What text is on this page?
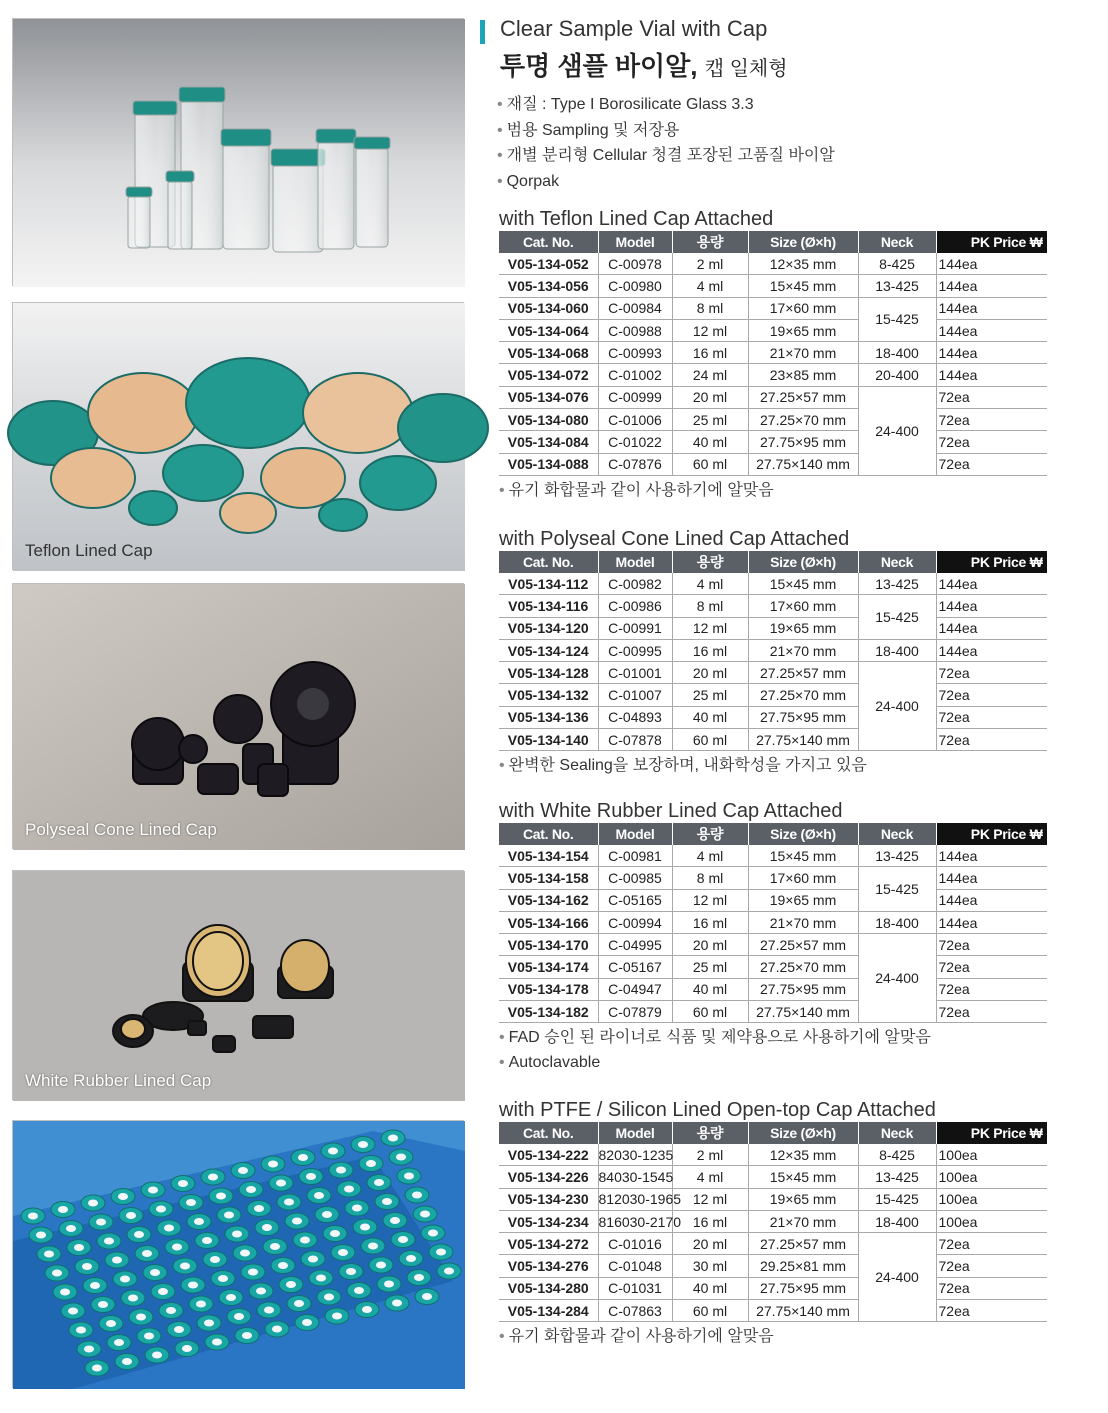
Teflon Lined Cap
Polyseal Cone Lined Cap
White Rubber Lined Cap
Clear Sample Vial with Cap
투명 샘플 바이알, 캡 일체형
• 재질 : Type I Borosilicate Glass 3.3
• 범용 Sampling 및 저장용
• 개별 분리형 Cellular 청결 포장된 고품질 바이알
• Qorpak
with Teflon Lined Cap Attached
Cat. No.	Model	용량	Size (Ø×h)	Neck	PK Price ₩
V05-134-052	C-00978	2 ml	12×35 mm	8-425	144ea
V05-134-056	C-00980	4 ml	15×45 mm	13-425	144ea
V05-134-060	C-00984	8 ml	17×60 mm	15-425	144ea
V05-134-064	C-00988	12 ml	19×65 mm		144ea
V05-134-068	C-00993	16 ml	21×70 mm	18-400	144ea
V05-134-072	C-01002	24 ml	23×85 mm	20-400	144ea
V05-134-076	C-00999	20 ml	27.25×57 mm	24-400	72ea
V05-134-080	C-01006	25 ml	27.25×70 mm		72ea
V05-134-084	C-01022	40 ml	27.75×95 mm		72ea
V05-134-088	C-07876	60 ml	27.75×140 mm		72ea
• 유기 화합물과 같이 사용하기에 알맞음
with Polyseal Cone Lined Cap Attached
Cat. No.	Model	용량	Size (Ø×h)	Neck	PK Price ₩
V05-134-112	C-00982	4 ml	15×45 mm	13-425	144ea
V05-134-116	C-00986	8 ml	17×60 mm	15-425	144ea
V05-134-120	C-00991	12 ml	19×65 mm		144ea
V05-134-124	C-00995	16 ml	21×70 mm	18-400	144ea
V05-134-128	C-01001	20 ml	27.25×57 mm	24-400	72ea
V05-134-132	C-01007	25 ml	27.25×70 mm		72ea
V05-134-136	C-04893	40 ml	27.75×95 mm		72ea
V05-134-140	C-07878	60 ml	27.75×140 mm		72ea
• 완벽한 Sealing을 보장하며, 내화학성을 가지고 있음
with White Rubber Lined Cap Attached
Cat. No.	Model	용량	Size (Ø×h)	Neck	PK Price ₩
V05-134-154	C-00981	4 ml	15×45 mm	13-425	144ea
V05-134-158	C-00985	8 ml	17×60 mm	15-425	144ea
V05-134-162	C-05165	12 ml	19×65 mm		144ea
V05-134-166	C-00994	16 ml	21×70 mm	18-400	144ea
V05-134-170	C-04995	20 ml	27.25×57 mm	24-400	72ea
V05-134-174	C-05167	25 ml	27.25×70 mm		72ea
V05-134-178	C-04947	40 ml	27.75×95 mm		72ea
V05-134-182	C-07879	60 ml	27.75×140 mm		72ea
• FAD 승인 된 라이너로 식품 및 제약용으로 사용하기에 알맞음
• Autoclavable
with PTFE / Silicon Lined Open-top Cap Attached
Cat. No.	Model	용량	Size (Ø×h)	Neck	PK Price ₩
V05-134-222	82030-1235	2 ml	12×35 mm	8-425	100ea
V05-134-226	84030-1545	4 ml	15×45 mm	13-425	100ea
V05-134-230	812030-1965	12 ml	19×65 mm	15-425	100ea
V05-134-234	816030-2170	16 ml	21×70 mm	18-400	100ea
V05-134-272	C-01016	20 ml	27.25×57 mm	24-400	72ea
V05-134-276	C-01048	30 ml	29.25×81 mm		72ea
V05-134-280	C-01031	40 ml	27.75×95 mm		72ea
V05-134-284	C-07863	60 ml	27.75×140 mm		72ea
• 유기 화합물과 같이 사용하기에 알맞음
